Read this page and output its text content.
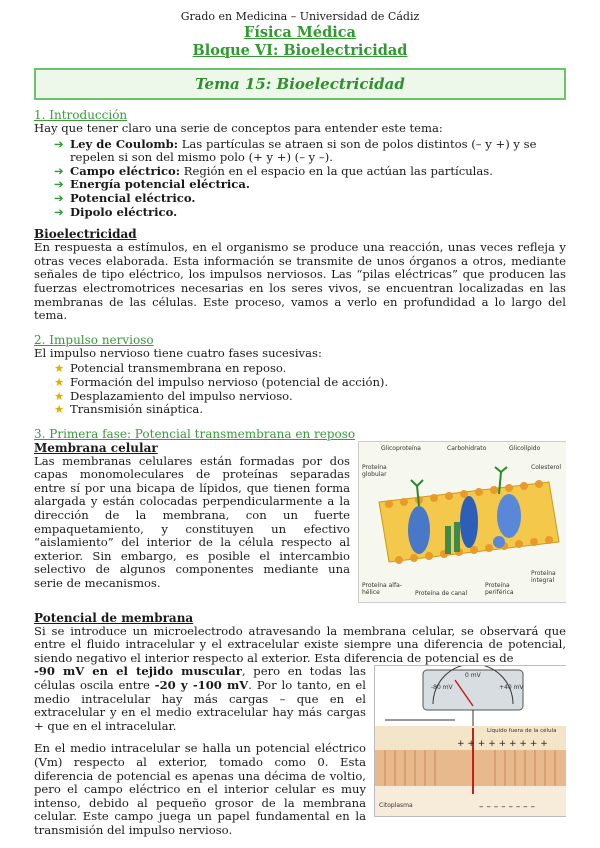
Grado en Medicina – Universidad de Cádiz
Física Médica
Bloque VI: Bioelectricidad
Tema 15: Bioelectricidad
1. Introducción

Hay que tener claro una serie de conceptos para entender este tema:

➔ Ley de Coulomb: Las partículas se atraen si son de polos distintos (– y +) y se repelen si son del mismo polo (+ y +) (– y –).
➔ Campo eléctrico: Región en el espacio en la que actúan las partículas.
➔ Energía potencial eléctrica.
➔ Potencial eléctrico.
➔ Dipolo eléctrico.
Bioelectricidad

En respuesta a estímulos, en el organismo se produce una reacción, unas veces refleja y otras veces elaborada. Esta información se transmite de unos órganos a otros, mediante señales de tipo eléctrico, los impulsos nerviosos. Las “pilas eléctricas” que producen las fuerzas electromotrices necesarias en los seres vivos, se encuentran localizadas en las membranas de las células. Este proceso, vamos a verlo en profundidad a lo largo del tema.

2. Impulso nervioso

El impulso nervioso tiene cuatro fases sucesivas:

★ Potencial transmembrana en reposo.
★ Formación del impulso nervioso (potencial de acción).
★ Desplazamiento del impulso nervioso.
★ Transmisión sináptica.
3. Primera fase: Potencial transmembrana en reposo
Glicoproteína	Carbohidrato	Glicolípido
Proteína globular
Colesterol
Proteína integral
Proteína alfa-hélice	Proteína de canal
Proteína periférica
Membrana celular

Las membranas celulares están formadas por dos capas monomoleculares de proteínas separadas entre sí por una bicapa de lípidos, que tienen forma alargada y están colocadas perpendicularmente a la dirección de la membrana, con un fuerte empaquetamiento, y constituyen un efectivo “aislamiento” del interior de la célula respecto al exterior. Sin embargo, es posible el intercambio selectivo de algunos componentes mediante una serie de mecanismos.

Potencial de membrana

Si se introduce un microelectrodo atravesando la membrana celular, se observará que entre el fluido intracelular y el extracelular existe siempre una diferencia de potencial, siendo negativo el interior respecto al exterior. Esta diferencia de potencial es de

+ + + + + + + + +
– – – – – – – –
0 mV
-80 mV	+40 mV
Líquido fuera de la célula
Citoplasma

-90 mV en el tejido muscular, pero en todas las células oscila entre -20 y -100 mV. Por lo tanto, en el medio intracelular hay más cargas – que en el extracelular y en el medio extracelular hay más cargas + que en el intracelular.

En el medio intracelular se halla un potencial eléctrico (Vm) respecto al exterior, tomado como 0. Esta diferencia de potencial es apenas una décima de voltio, pero el campo eléctrico en el interior celular es muy intenso, debido al pequeño grosor de la membrana celular. Este campo juega un papel fundamental en la transmisión del impulso nervioso.
